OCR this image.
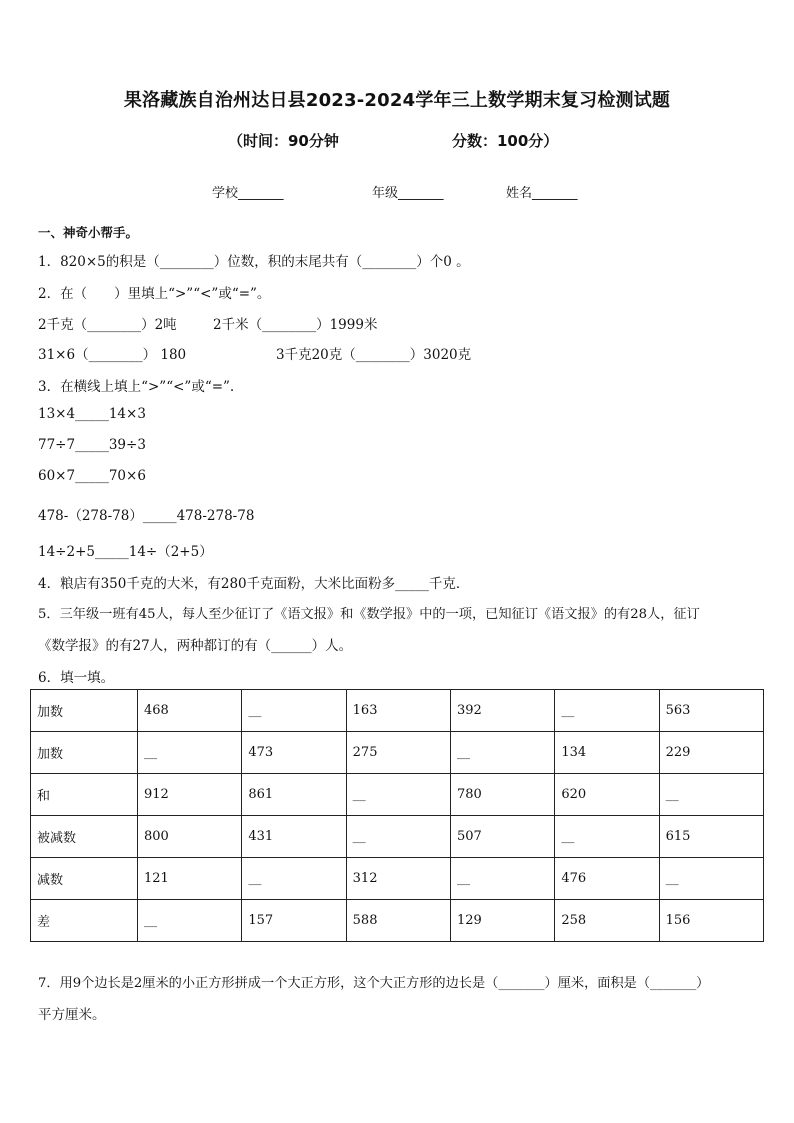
果洛藏族自治州达日县2023-2024学年三上数学期末复习检测试题
（时间：90分钟	分数：100分）
学校_______	年级_______	姓名_______
一、神奇小帮手。
1．820×5的积是（________）位数，积的末尾共有（________）个0 。
2．在（　　）里填上“>”“<”或“=”。
2千克（________）2吨	2千米（________）1999米
31×6（________） 180	3千克20克（________）3020克
3．在横线上填上“>”“<”或“=”.
13×4_____14×3
77÷7_____39÷3
60×7_____70×6
478-（278-78）_____478-278-78
14÷2+5_____14÷（2+5）
4．粮店有350千克的大米，有280千克面粉，大米比面粉多_____千克．
5．三年级一班有45人，每人至少征订了《语文报》和《数学报》中的一项，已知征订《语文报》的有28人，征订
《数学报》的有27人，两种都订的有（______）人。
6．填一填。
加数	468	__	163	392	__	563
加数	__	473	275	__	134	229
和	912	861	__	780	620	__
被减数	800	431	__	507	__	615
减数	121	__	312	__	476	__
差	__	157	588	129	258	156
7．用9个边长是2厘米的小正方形拼成一个大正方形，这个大正方形的边长是（_______）厘米，面积是（_______）
平方厘米。
